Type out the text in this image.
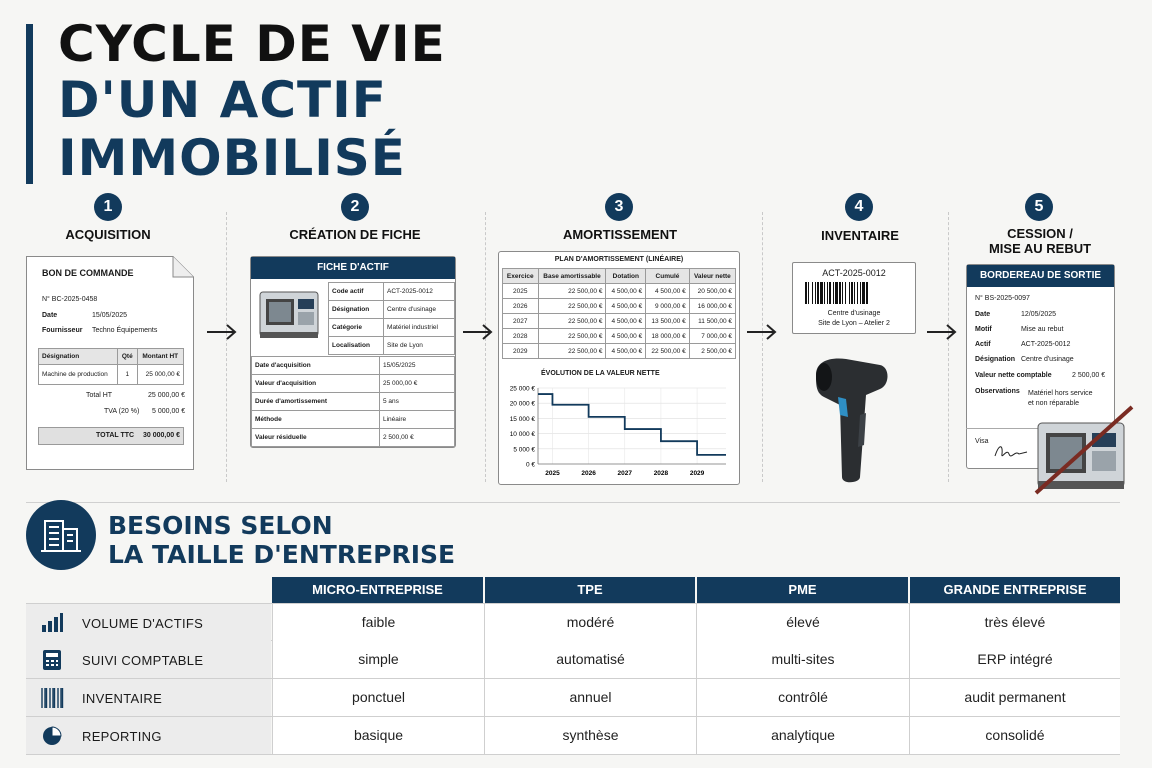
CYCLE DE VIE
D'UN ACTIF
IMMOBILISÉ
1
ACQUISITION
2
CRÉATION DE FICHE
3
AMORTISSEMENT
4
INVENTAIRE
5
CESSION /
MISE AU REBUT
BON DE COMMANDE
N° BC-2025-0458
Date	15/05/2025
Fournisseur Techno Équipements
Désignation	Qté	Montant HT
Machine de production	1	25 000,00 €
Total HT	25 000,00 €
TVA (20 %) 5 000,00 €
TOTAL TTC 30 000,00 €
FICHE D'ACTIF
Code actif	ACT-2025-0012
Désignation	Centre d'usinage
Catégorie	Matériel industriel
Localisation	Site de Lyon
Date d'acquisition	15/05/2025
Valeur d'acquisition	25 000,00 €
Durée d'amortissement	5 ans
Méthode	Linéaire
Valeur résiduelle	2 500,00 €
PLAN D'AMORTISSEMENT (LINÉAIRE)
Exercice	Base amortissable	Dotation	Cumulé	Valeur nette
2025	22 500,00 €	4 500,00 €	4 500,00 €	20 500,00 €
2026	22 500,00 €	4 500,00 €	9 000,00 €	16 000,00 €
2027	22 500,00 €	4 500,00 €	13 500,00 €	11 500,00 €
2028	22 500,00 €	4 500,00 €	18 000,00 €	7 000,00 €
2029	22 500,00 €	4 500,00 €	22 500,00 €	2 500,00 €
ÉVOLUTION DE LA VALEUR NETTE
25 000 €
20 000 €
15 000 €
10 000 €
5 000 €
0 €
2025	2026	2027	2028	2029
ACT-2025-0012
Centre d'usinage
Site de Lyon – Atelier 2
BORDEREAU DE SORTIE
N° BS-2025-0097
Date	12/05/2025
Motif	Mise au rebut
Actif	ACT-2025-0012
Désignation Centre d'usinage
Valeur nette comptable	2 500,00 €
Observations Matériel hors service
et non réparable
Visa
BESOINS SELON
LA TAILLE D'ENTREPRISE
MICRO-ENTREPRISE	TPE	PME	GRANDE ENTREPRISE
VOLUME D'ACTIFS	faible	modéré	élevé	très élevé
SUIVI COMPTABLE	simple	automatisé	multi-sites	ERP intégré
INVENTAIRE	ponctuel	annuel	contrôlé	audit permanent
REPORTING	basique	synthèse	analytique	consolidé
